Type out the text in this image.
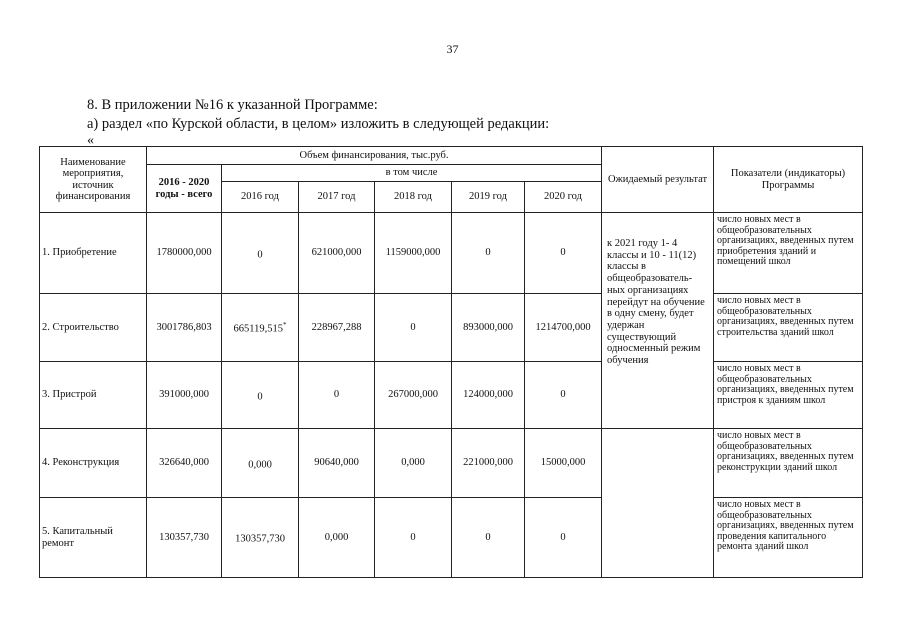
37
8. В приложении №16 к указанной Программе:
а) раздел «по Курской области, в целом» изложить в следующей редакции:
«
Наименование мероприятия, источник финансирования	Объем финансирования, тыс.руб.						Ожидаемый результат	Показатели (индикаторы) Программы
	2016 - 2020 годы - всего	в том числе						
		2016 год	2017 год	2018 год	2019 год	2020 год		
1. Приобретение	1780000,000	0	621000,000	1159000,000	0	0	к 2021 году 1- 4 классы и 10 - 11(12) классы в общеобразователь-ных организациях перейдут на обучение в одну смену, будет удержан существующий односменный режим обучения	число новых мест в общеобразовательных организациях, введенных путем приобретения зданий и помещений школ
2. Строительство	3001786,803	665119,515*	228967,288	0	893000,000	1214700,000		число новых мест в общеобразовательных организациях, введенных путем строительства зданий школ
3. Пристрой	391000,000	0	0	267000,000	124000,000	0		число новых мест в общеобразовательных организациях, введенных путем пристроя к зданиям школ
4. Реконструкция	326640,000	0,000	90640,000	0,000	221000,000	15000,000		число новых мест в общеобразовательных организациях, введенных путем реконструкции зданий школ
5. Капитальный ремонт	130357,730	130357,730	0,000	0	0	0		число новых мест в общеобразовательных организациях, введенных путем проведения капитального ремонта зданий школ
